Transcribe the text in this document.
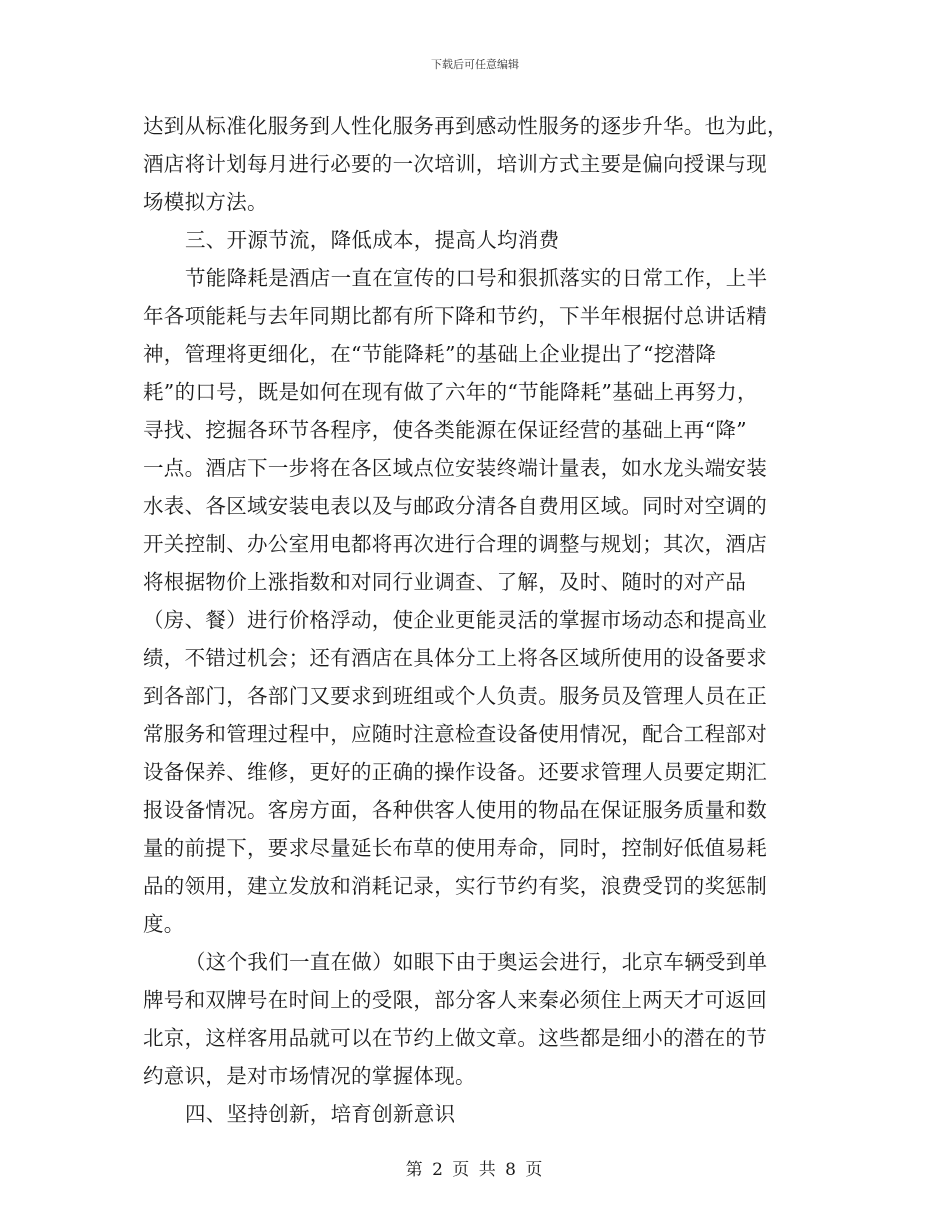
下载后可任意编辑
达到从标准化服务到人性化服务再到感动性服务的逐步升华。也为此，
酒店将计划每月进行必要的一次培训，培训方式主要是偏向授课与现
场模拟方法。
三、开源节流，降低成本，提高人均消费
节能降耗是酒店一直在宣传的口号和狠抓落实的日常工作，上半
年各项能耗与去年同期比都有所下降和节约，下半年根据付总讲话精
神，管理将更细化，在“节能降耗”的基础上企业提出了“挖潜降
耗”的口号，既是如何在现有做了六年的“节能降耗”基础上再努力，
寻找、挖掘各环节各程序，使各类能源在保证经营的基础上再“降”
一点。酒店下一步将在各区域点位安装终端计量表，如水龙头端安装
水表、各区域安装电表以及与邮政分清各自费用区域。同时对空调的
开关控制、办公室用电都将再次进行合理的调整与规划；其次，酒店
将根据物价上涨指数和对同行业调查、了解，及时、随时的对产品
（房、餐）进行价格浮动，使企业更能灵活的掌握市场动态和提高业
绩，不错过机会；还有酒店在具体分工上将各区域所使用的设备要求
到各部门，各部门又要求到班组或个人负责。服务员及管理人员在正
常服务和管理过程中，应随时注意检查设备使用情况，配合工程部对
设备保养、维修，更好的正确的操作设备。还要求管理人员要定期汇
报设备情况。客房方面，各种供客人使用的物品在保证服务质量和数
量的前提下，要求尽量延长布草的使用寿命，同时，控制好低值易耗
品的领用，建立发放和消耗记录，实行节约有奖，浪费受罚的奖惩制
度。
（这个我们一直在做）如眼下由于奥运会进行，北京车辆受到单
牌号和双牌号在时间上的受限，部分客人来秦必须住上两天才可返回
北京，这样客用品就可以在节约上做文章。这些都是细小的潜在的节
约意识，是对市场情况的掌握体现。
四、坚持创新，培育创新意识
第 2 页 共 8 页
